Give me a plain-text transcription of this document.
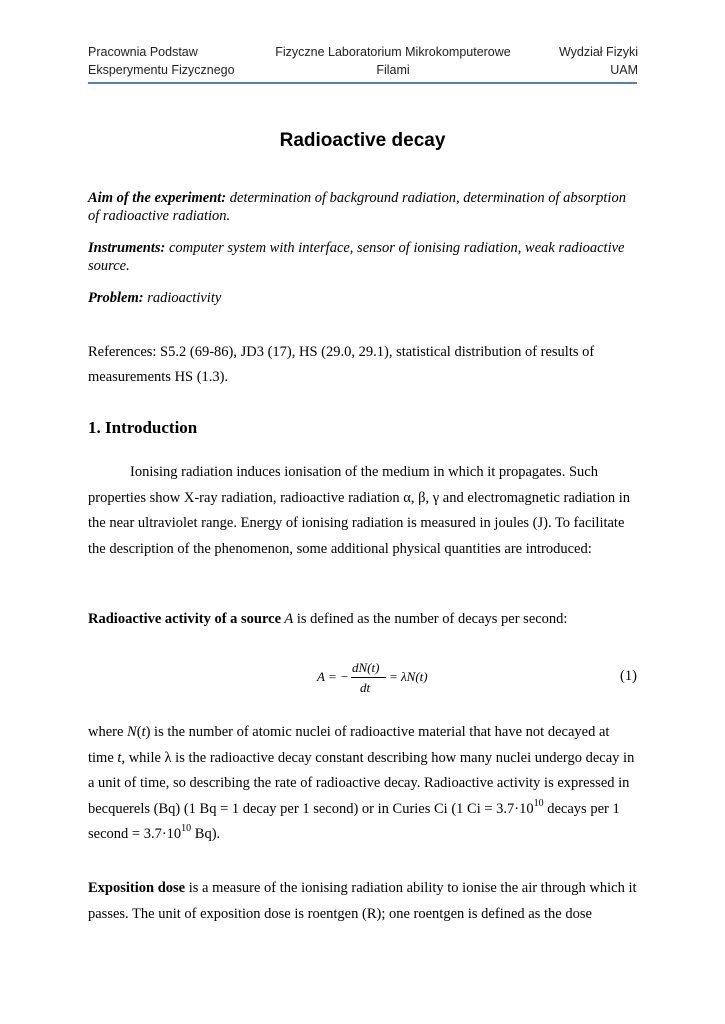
Pracownia Podstaw
Eksperymentu Fizycznego
Fizyczne Laboratorium Mikrokomputerowe
Filami
Wydział Fizyki
UAM
Radioactive decay
Aim of the experiment: determination of background radiation, determination of absorption of radioactive radiation.
Instruments: computer system with interface, sensor of ionising radiation, weak radioactive source.
Problem: radioactivity
References: S5.2 (69-86), JD3 (17), HS (29.0, 29.1), statistical distribution of results of measurements HS (1.3).
1. Introduction
Ionising radiation induces ionisation of the medium in which it propagates. Such properties show X-ray radiation, radioactive radiation α, β, γ and electromagnetic radiation in the near ultraviolet range. Energy of ionising radiation is measured in joules (J). To facilitate the description of the phenomenon, some additional physical quantities are introduced:
Radioactive activity of a source A is defined as the number of decays per second:
A = −
dN(t)
dt
= λN(t)	(1)
where N(t) is the number of atomic nuclei of radioactive material that have not decayed at time t, while λ is the radioactive decay constant describing how many nuclei undergo decay in a unit of time, so describing the rate of radioactive decay. Radioactive activity is expressed in becquerels (Bq) (1 Bq = 1 decay per 1 second) or in Curies Ci (1 $Ci = 3.7\cdot 10^{10}$ decays per 1 second = $3.7\cdot 10^{10}$ Bq).
Exposition dose is a measure of the ionising radiation ability to ionise the air through which it passes. The unit of exposition dose is roentgen (R); one roentgen is defined as the dose
